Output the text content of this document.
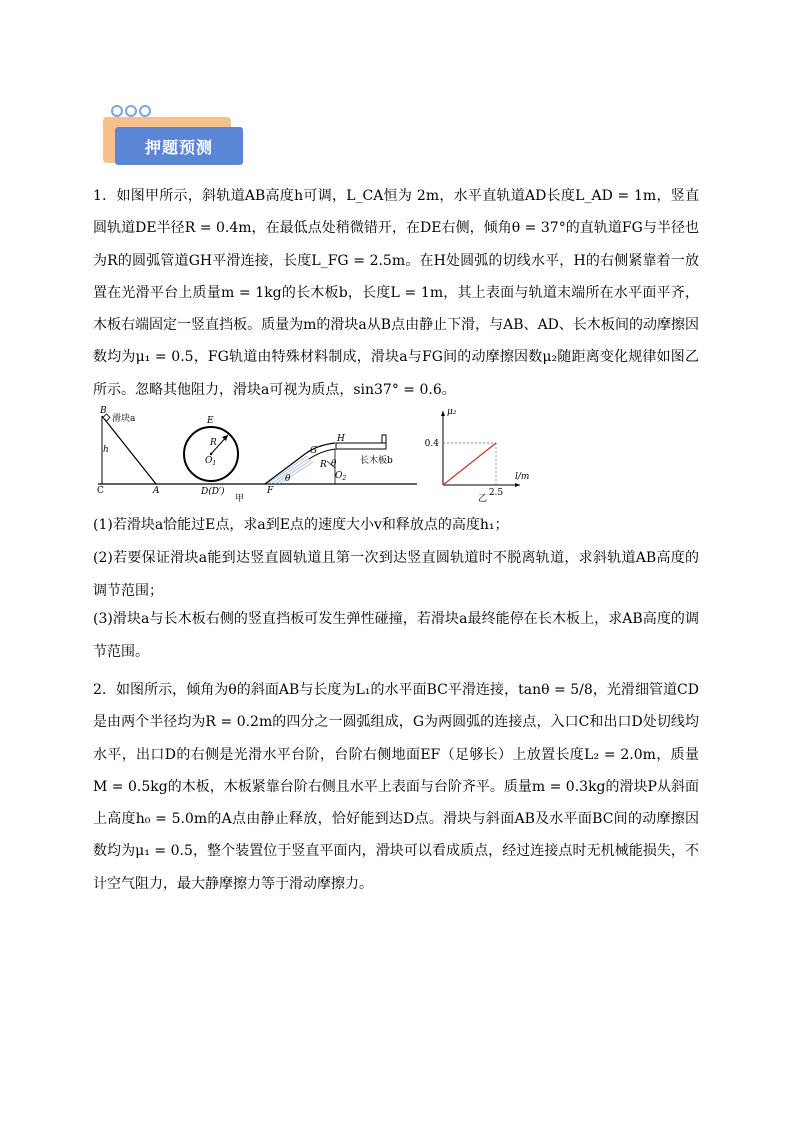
押题预测

1．如图甲所示，斜轨道AB高度h可调，L_CA恒为 2m，水平直轨道AD长度L_AD = 1m，竖直圆轨道DE半径R = 0.4m，在最低点处稍微错开，在DE右侧，倾角θ = 37°的直轨道FG与半径也为R的圆弧管道GH平滑连接，长度L_FG = 2.5m。在H处圆弧的切线水平，H的右侧紧靠着一放置在光滑平台上质量m = 1kg的长木板b，长度L = 1m，其上表面与轨道末端所在水平面平齐，木板右端固定一竖直挡板。质量为m的滑块a从B点由静止下滑，与AB、AD、长木板间的动摩擦因数均为μ₁ = 0.5，FG轨道由特殊材料制成，滑块a与FG间的动摩擦因数μ₂随距离变化规律如图乙所示。忽略其他阻力，滑块a可视为质点，sin37° = 0.6。

B
滑块a
h
C	A
E
R
$O_1$
D(D′)
甲
F
θ
G
H
R θ
$O_2$
长木板b
μ₂
l/m
乙
0.4
2.5

(1)若滑块a恰能过E点，求a到E点的速度大小v和释放点的高度h₁；

(2)若要保证滑块a能到达竖直圆轨道且第一次到达竖直圆轨道时不脱离轨道，求斜轨道AB高度的调节范围；

(3)滑块a与长木板右侧的竖直挡板可发生弹性碰撞，若滑块a最终能停在长木板上，求AB高度的调节范围。

2．如图所示，倾角为θ的斜面AB与长度为L₁的水平面BC平滑连接，tanθ = 5/8，光滑细管道CD是由两个半径均为R = 0.2m的四分之一圆弧组成，G为两圆弧的连接点，入口C和出口D处切线均水平，出口D的右侧是光滑水平台阶，台阶右侧地面EF（足够长）上放置长度L₂ = 2.0m，质量M = 0.5kg的木板，木板紧靠台阶右侧且水平上表面与台阶齐平。质量m = 0.3kg的滑块P从斜面上高度h₀ = 5.0m的A点由静止释放，恰好能到达D点。滑块与斜面AB及水平面BC间的动摩擦因数均为μ₁ = 0.5，整个装置位于竖直平面内，滑块可以看成质点，经过连接点时无机械能损失，不计空气阻力，最大静摩擦力等于滑动摩擦力。
